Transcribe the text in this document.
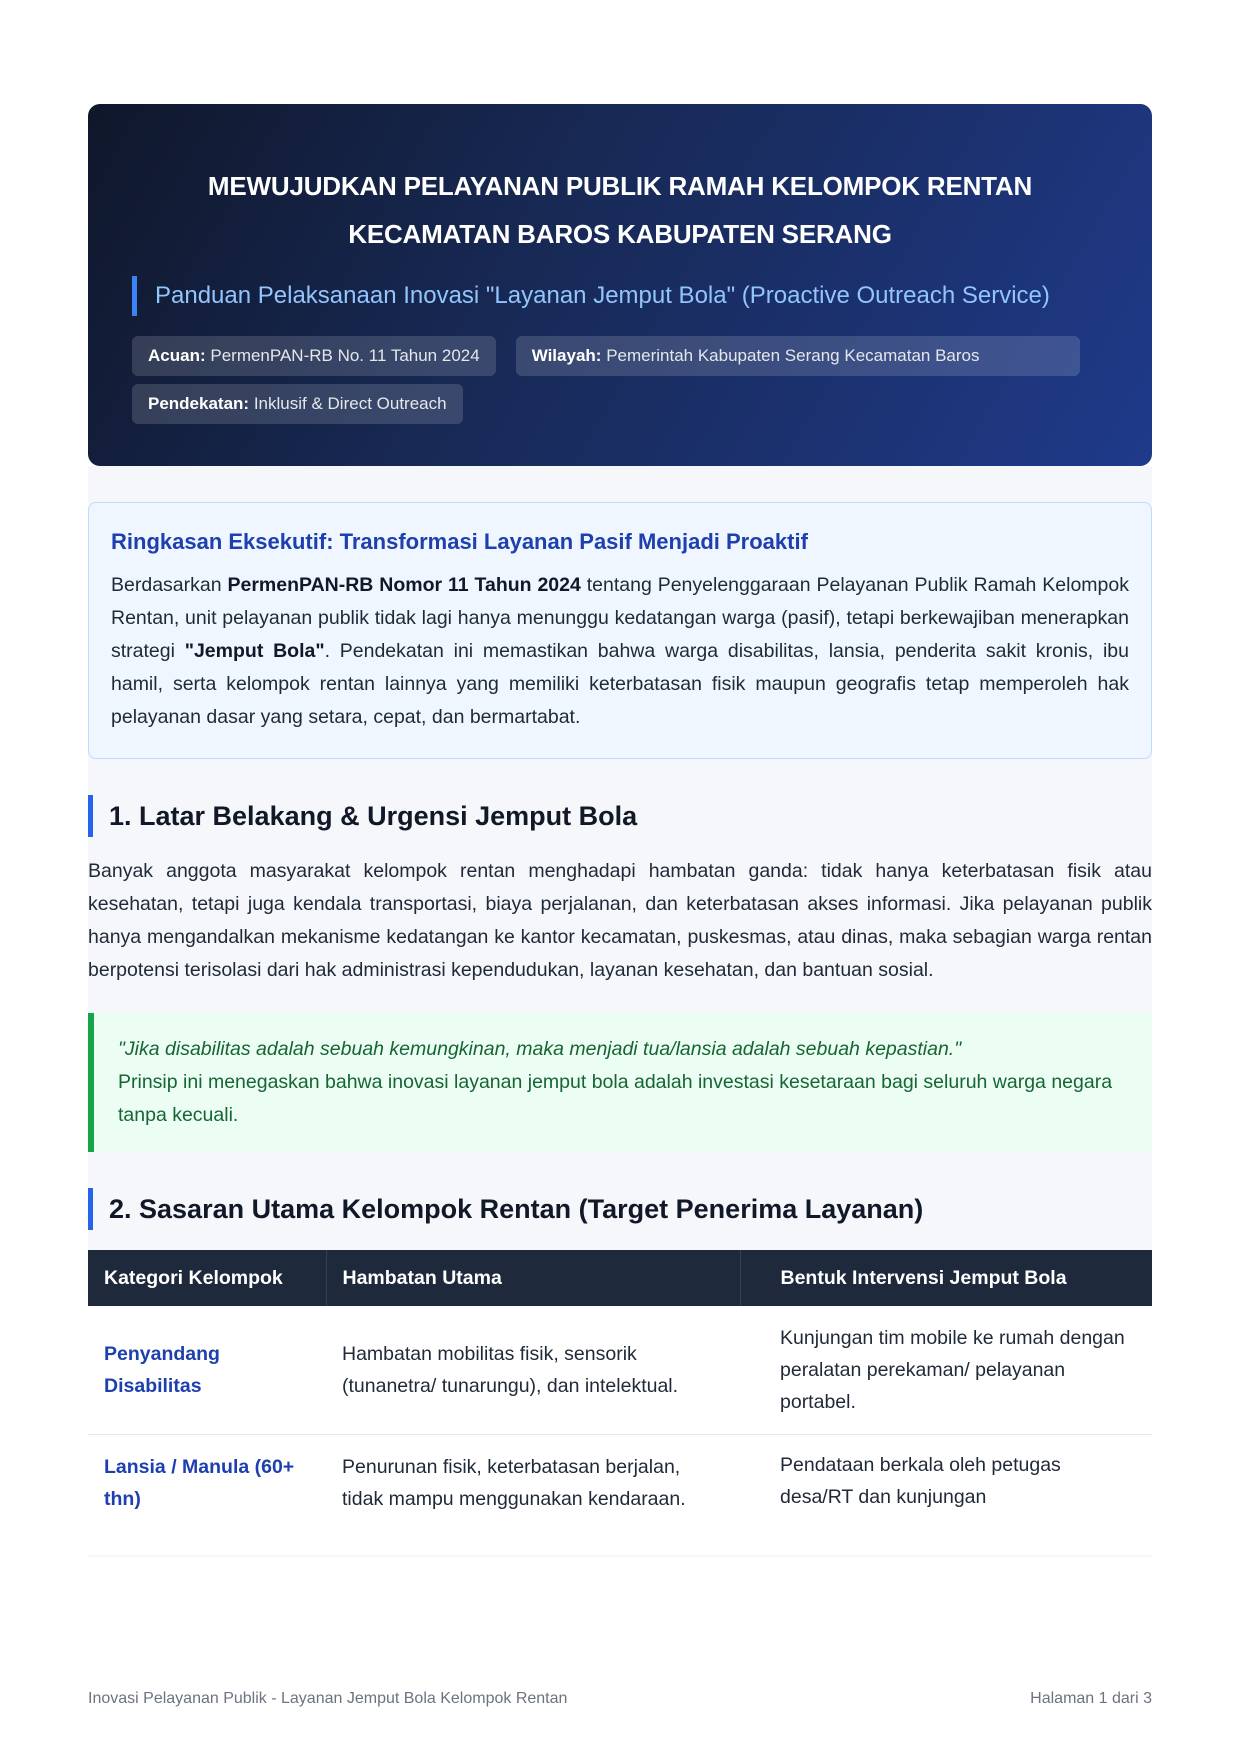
MEWUJUDKAN PELAYANAN PUBLIK RAMAH KELOMPOK RENTAN
KECAMATAN BAROS KABUPATEN SERANG
Panduan Pelaksanaan Inovasi "Layanan Jemput Bola" (Proactive Outreach Service)
Acuan: PermenPAN-RB No. 11 Tahun 2024	Wilayah: Pemerintah Kabupaten Serang Kecamatan Baros
Pendekatan: Inklusif & Direct Outreach
Ringkasan Eksekutif: Transformasi Layanan Pasif Menjadi Proaktif

Berdasarkan PermenPAN-RB Nomor 11 Tahun 2024 tentang Penyelenggaraan Pelayanan Publik Ramah Kelompok Rentan, unit pelayanan publik tidak lagi hanya menunggu kedatangan warga (pasif), tetapi berkewajiban menerapkan strategi "Jemput Bola". Pendekatan ini memastikan bahwa warga disabilitas, lansia, penderita sakit kronis, ibu hamil, serta kelompok rentan lainnya yang memiliki keterbatasan fisik maupun geografis tetap memperoleh hak pelayanan dasar yang setara, cepat, dan bermartabat.

1. Latar Belakang & Urgensi Jemput Bola

Banyak anggota masyarakat kelompok rentan menghadapi hambatan ganda: tidak hanya keterbatasan fisik atau kesehatan, tetapi juga kendala transportasi, biaya perjalanan, dan keterbatasan akses informasi. Jika pelayanan publik hanya mengandalkan mekanisme kedatangan ke kantor kecamatan, puskesmas, atau dinas, maka sebagian warga rentan berpotensi terisolasi dari hak administrasi kependudukan, layanan kesehatan, dan bantuan sosial.

"Jika disabilitas adalah sebuah kemungkinan, maka menjadi tua/lansia adalah sebuah kepastian."
Prinsip ini menegaskan bahwa inovasi layanan jemput bola adalah investasi kesetaraan bagi seluruh warga negara tanpa kecuali.
2. Sasaran Utama Kelompok Rentan (Target Penerima Layanan)
Kategori Kelompok	Hambatan Utama	Bentuk Intervensi Jemput Bola
Penyandang Disabilitas	Hambatan mobilitas fisik, sensorik (tunanetra/ tunarungu), dan intelektual.	Kunjungan tim mobile ke rumah dengan peralatan perekaman/ pelayanan portabel.
Lansia / Manula (60+ thn)	Penurunan fisik, keterbatasan berjalan, tidak mampu menggunakan kendaraan.	Pendataan berkala oleh petugas desa/RT dan kunjungan
Inovasi Pelayanan Publik - Layanan Jemput Bola Kelompok Rentan	Halaman 1 dari 3
